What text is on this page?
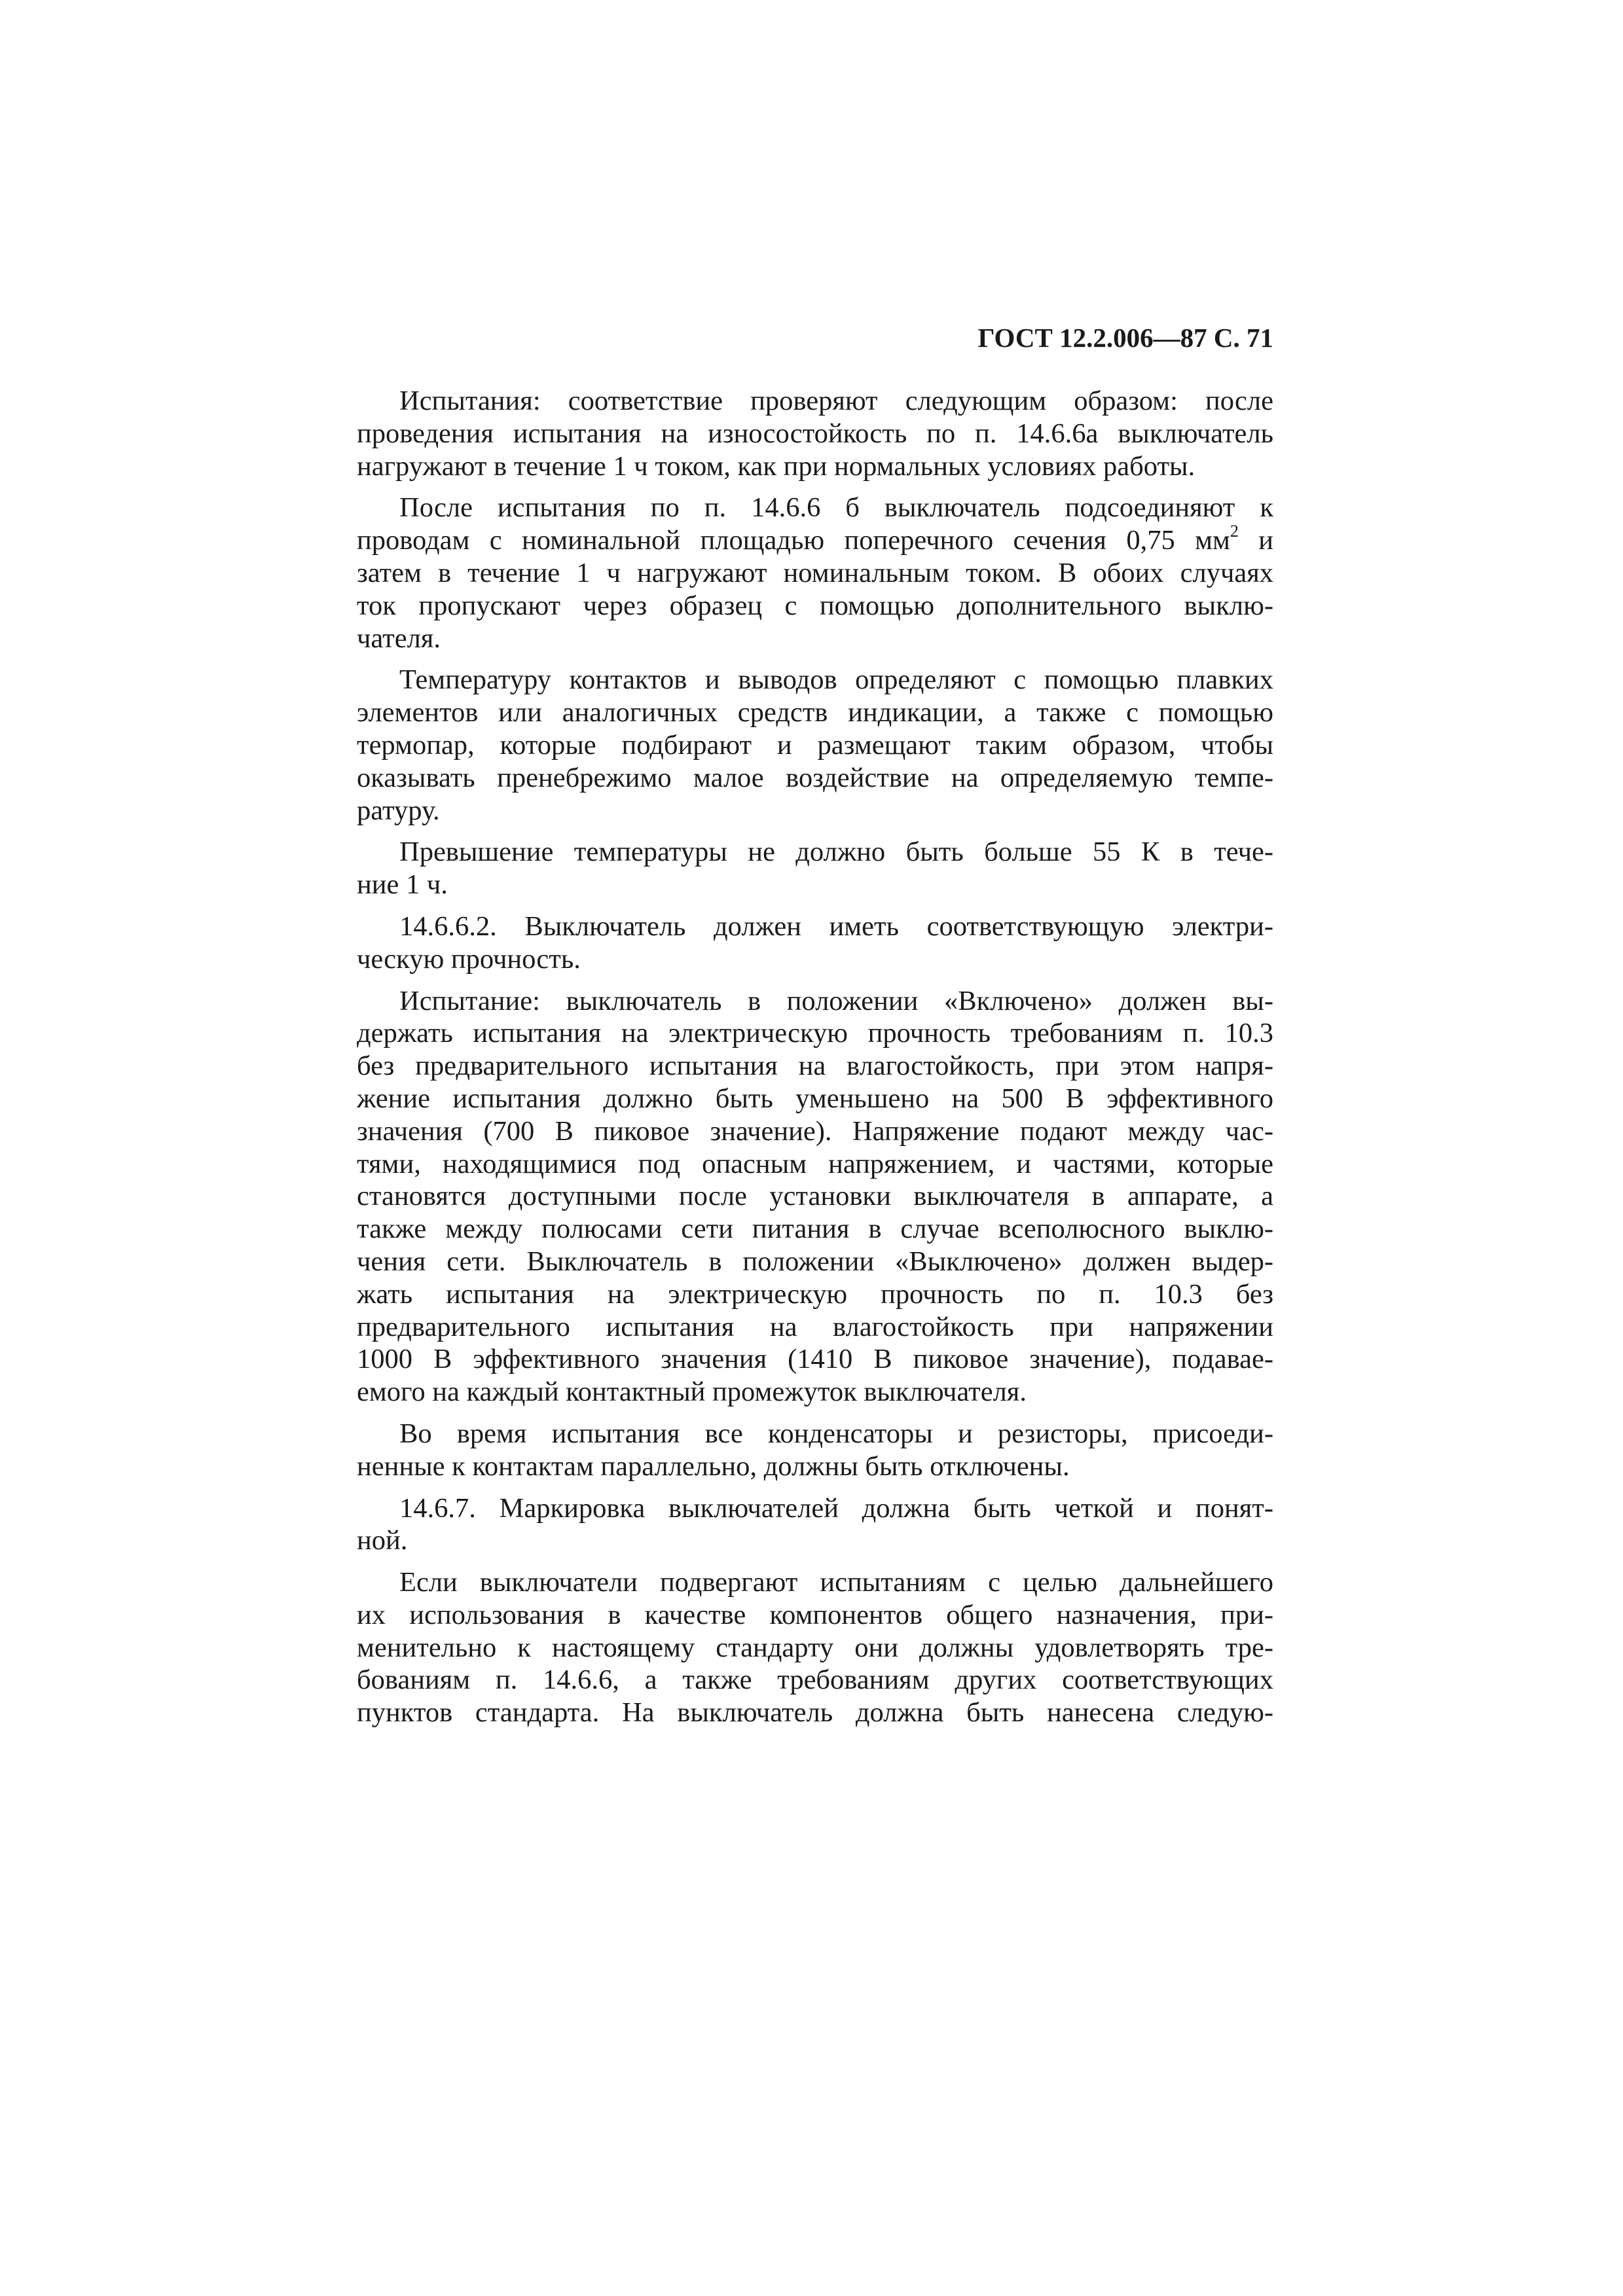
ГОСТ 12.2.006—87 С. 71
Испытания: соответствие проверяют следующим образом: после
проведения испытания на износостойкость по п. 14.6.6а выключатель
нагружают в течение 1 ч током, как при нормальных условиях работы.
После испытания по п. 14.6.6 б выключатель подсоединяют к
проводам с номинальной площадью поперечного сечения 0,75 $мм^2$ и
затем в течение 1 ч нагружают номинальным током. В обоих случаях
ток пропускают через образец с помощью дополнительного выклю-
чателя.
Температуру контактов и выводов определяют с помощью плавких
элементов или аналогичных средств индикации, а также с помощью
термопар, которые подбирают и размещают таким образом, чтобы
оказывать пренебрежимо малое воздействие на определяемую темпе-
ратуру.
Превышение температуры не должно быть больше 55 К в тече-
ние 1 ч.
14.6.6.2. Выключатель должен иметь соответствующую электри-
ческую прочность.
Испытание: выключатель в положении «Включено» должен вы-
держать испытания на электрическую прочность требованиям п. 10.3
без предварительного испытания на влагостойкость, при этом напря-
жение испытания должно быть уменьшено на 500 В эффективного
значения (700 В пиковое значение). Напряжение подают между час-
тями, находящимися под опасным напряжением, и частями, которые
становятся доступными после установки выключателя в аппарате, а
также между полюсами сети питания в случае всеполюсного выклю-
чения сети. Выключатель в положении «Выключено» должен выдер-
жать испытания на электрическую прочность по п. 10.3 без
предварительного испытания на влагостойкость при напряжении
1000 В эффективного значения (1410 В пиковое значение), подавае-
емого на каждый контактный промежуток выключателя.
Во время испытания все конденсаторы и резисторы, присоеди-
ненные к контактам параллельно, должны быть отключены.
14.6.7. Маркировка выключателей должна быть четкой и понят-
ной.
Если выключатели подвергают испытаниям с целью дальнейшего
их использования в качестве компонентов общего назначения, при-
менительно к настоящему стандарту они должны удовлетворять тре-
бованиям п. 14.6.6, а также требованиям других соответствующих
пунктов стандарта. На выключатель должна быть нанесена следую-
